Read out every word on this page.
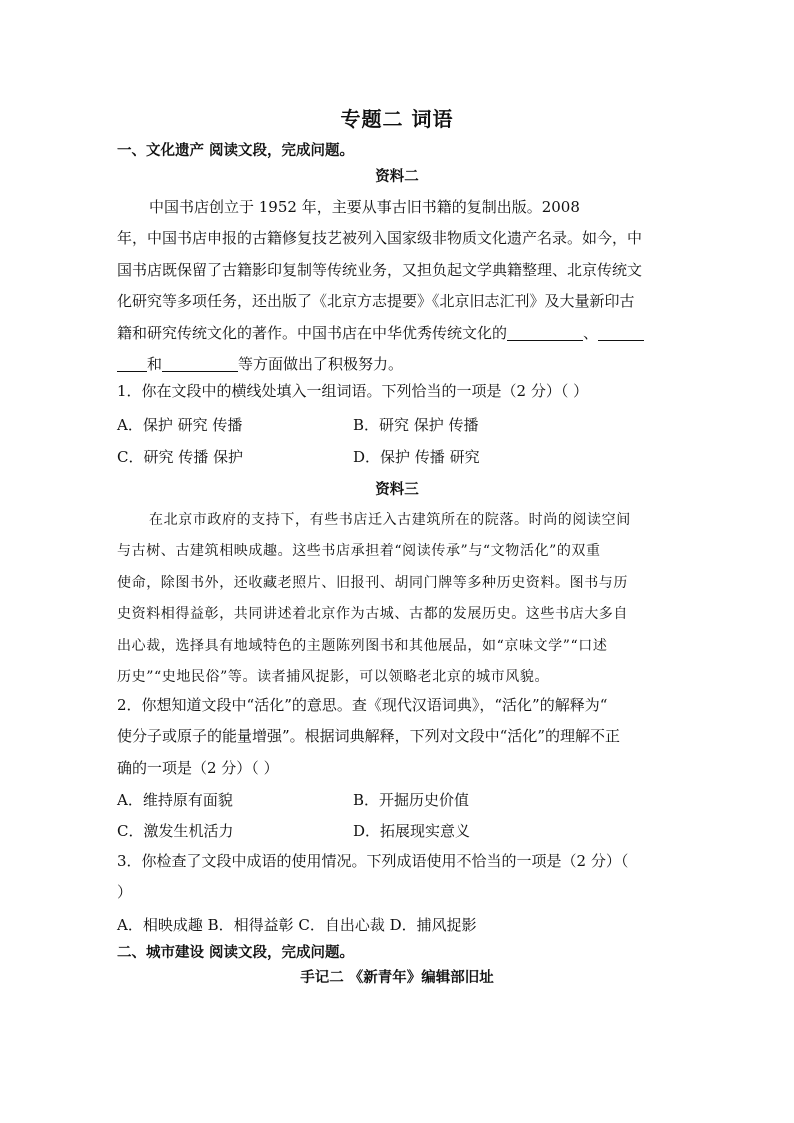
专题二 词语
一、文化遗产 阅读文段，完成问题。
资料二
中国书店创立于 1952 年，主要从事古旧书籍的复制出版。2008
年，中国书店申报的古籍修复技艺被列入国家级非物质文化遗产名录。如今，中
国书店既保留了古籍影印复制等传统业务，又担负起文学典籍整理、北京传统文
化研究等多项任务，还出版了《北京方志提要》《北京旧志汇刊》及大量新印古
籍和研究传统文化的著作。中国书店在中华优秀传统文化的	、
和	等方面做出了积极努力。
1．你在文段中的横线处填入一组词语。下列恰当的一项是（2 分）（ ）
A．保护 研究 传播	B．研究 保护 传播
C．研究 传播 保护	D．保护 传播 研究
资料三
在北京市政府的支持下，有些书店迁入古建筑所在的院落。时尚的阅读空间
与古树、古建筑相映成趣。这些书店承担着“阅读传承”与“文物活化”的双重
使命，除图书外，还收藏老照片、旧报刊、胡同门牌等多种历史资料。图书与历
史资料相得益彰，共同讲述着北京作为古城、古都的发展历史。这些书店大多自
出心裁，选择具有地域特色的主题陈列图书和其他展品，如“京味文学”“口述
历史”“史地民俗”等。读者捕风捉影，可以领略老北京的城市风貌。
2．你想知道文段中“活化”的意思。查《现代汉语词典》，“活化”的解释为“
使分子或原子的能量增强”。根据词典解释，下列对文段中“活化”的理解不正
确的一项是（2 分）（ ）
A．维持原有面貌	B．开掘历史价值
C．激发生机活力	D．拓展现实意义
3．你检查了文段中成语的使用情况。下列成语使用不恰当的一项是（2 分）（
）
A．相映成趣 B．相得益彰 C．自出心裁 D．捕风捉影
二、城市建设 阅读文段，完成问题。
手记二 《新青年》编辑部旧址
